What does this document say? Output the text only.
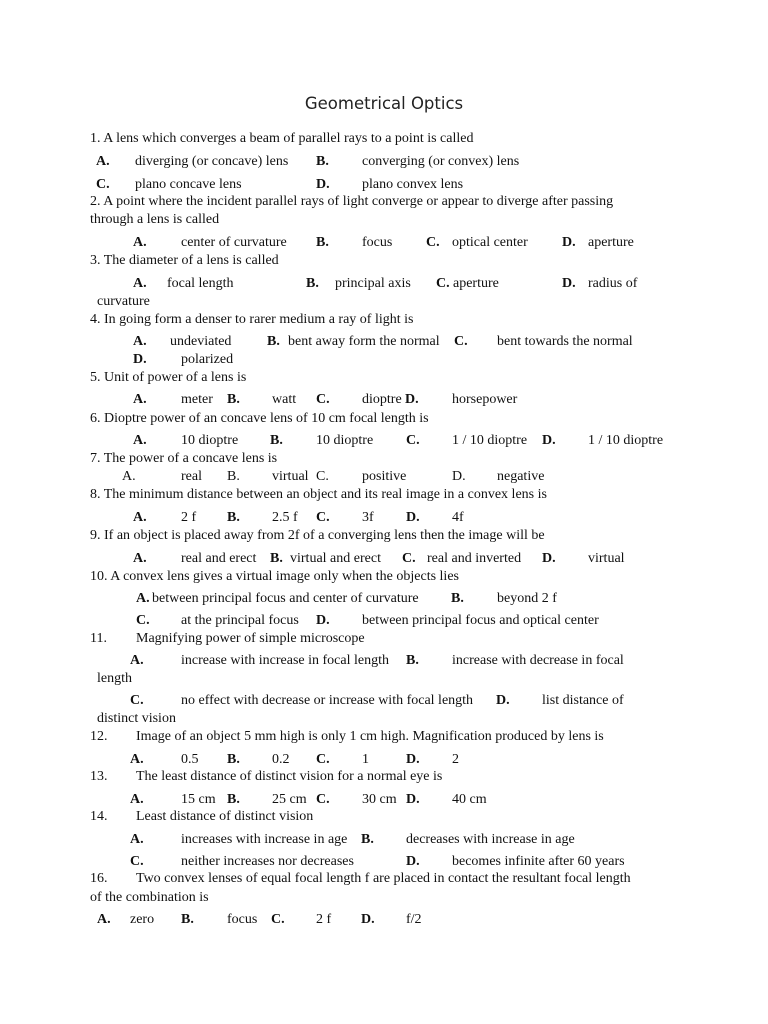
Geometrical Optics
1. A lens which converges a beam of parallel rays to a point is called
A. diverging (or concave) lens B. converging (or convex) lens
C. plano concave lens	D. plano convex lens
2. A point where the incident parallel rays of light converge or appear to diverge after passing
through a lens is called
A. center of curvature B. focus C. optical center D. aperture
3. The diameter of a lens is called
A. focal length	B. principal axis C. aperture	D. radius of
curvature
4. In going form a denser to rarer medium a ray of light is
A. undeviated	B. bent away form the normal C. bent towards the normal
D. polarized
5. Unit of power of a lens is
A. meter B. watt C. dioptre D. horsepower
6. Dioptre power of an concave lens of 10 cm focal length is
A. 10 dioptre B. 10 dioptre C. 1 / 10 dioptre D. 1 / 10 dioptre
7. The power of a concave lens is
A.	real B. virtual C. positive	D. negative
8. The minimum distance between an object and its real image in a convex lens is
A. 2 f B. 2.5 f C. 3f D. 4f
9. If an object is placed away from 2f of a converging lens then the image will be
A. real and erect B. virtual and erect C. real and inverted D. virtual
10. A convex lens gives a virtual image only when the objects lies
A. between principal focus and center of curvature B. beyond 2 f
C. at the principal focus D. between principal focus and optical center
11. Magnifying power of simple microscope
A.	increase with increase in focal length B. increase with decrease in focal
length
C.	no effect with decrease or increase with focal length D. list distance of
distinct vision
12. Image of an object 5 mm high is only 1 cm high. Magnification produced by lens is
A.	0.5 B. 0.2 C. 1	D. 2
13. The least distance of distinct vision for a normal eye is
A.	15 cm B. 25 cm C. 30 cm D. 40 cm
14. Least distance of distinct vision
A.	increases with increase in age B. decreases with increase in age
C.	neither increases nor decreases	D. becomes infinite after 60 years
16. Two convex lenses of equal focal length f are placed in contact the resultant focal length
of the combination is
A. zero B. focus C. 2 f D. f/2
